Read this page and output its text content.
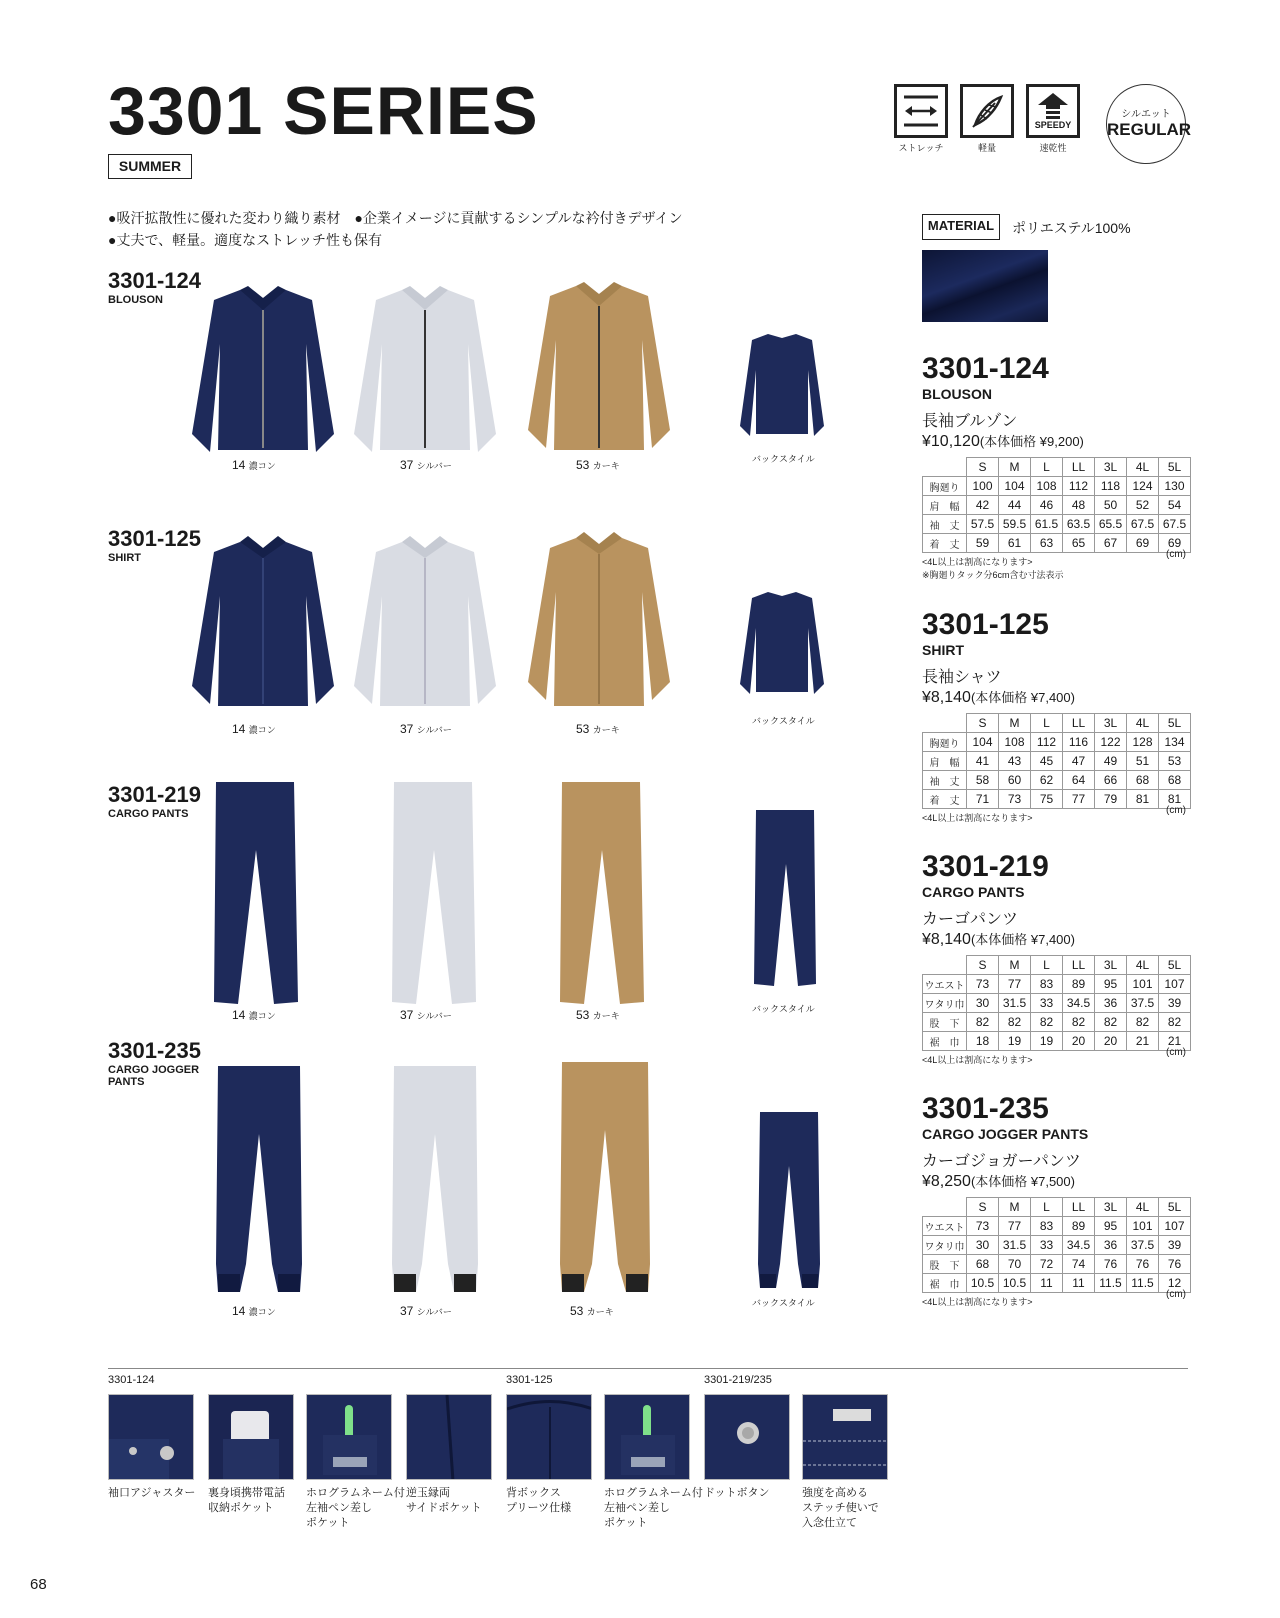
3301 SERIES
SUMMER
ストレッチ	軽量
SPEEDY
速乾性
シルエット
REGULAR
●吸汗拡散性に優れた変わり織り素材　●企業イメージに貢献するシンプルな衿付きデザイン
●丈夫で、軽量。適度なストレッチ性も保有
MATERIAL	ポリエステル100%
3301-124
BLOUSON
3301-125
SHIRT
3301-219
CARGO PANTS
3301-235
CARGO JOGGER
PANTS
14 濃コン	37 シルバー	53 カーキ
バックスタイル
14 濃コン	37 シルバー	53 カーキ
バックスタイル
14 濃コン	37 シルバー	53 カーキ
バックスタイル
14 濃コン	37 シルバー	53 カーキ
バックスタイル
3301-124
BLOUSON
長袖ブルゾン
¥10,120(本体価格 ¥9,200)
	S	M	L	LL	3L	4L	5L
胸廻り	100	104	108	112	118	124	130
肩　幅	42	44	46	48	50	52	54
袖　丈	57.5	59.5	61.5	63.5	65.5	67.5	67.5
着　丈	59	61	63	65	67	69	69
<4L以上は割高になります>
※胸廻りタック分6cm含む寸法表示
(cm)
3301-125
SHIRT
長袖シャツ
¥8,140(本体価格 ¥7,400)
	S	M	L	LL	3L	4L	5L
胸廻り	104	108	112	116	122	128	134
肩　幅	41	43	45	47	49	51	53
袖　丈	58	60	62	64	66	68	68
着　丈	71	73	75	77	79	81	81
<4L以上は割高になります>
(cm)
3301-219
CARGO PANTS
カーゴパンツ
¥8,140(本体価格 ¥7,400)
	S	M	L	LL	3L	4L	5L
ウエスト	73	77	83	89	95	101	107
ワタリ巾	30	31.5	33	34.5	36	37.5	39
股　下	82	82	82	82	82	82	82
裾　巾	18	19	19	20	20	21	21
<4L以上は割高になります>
(cm)
3301-235
CARGO JOGGER PANTS
カーゴジョガーパンツ
¥8,250(本体価格 ¥7,500)
	S	M	L	LL	3L	4L	5L
ウエスト	73	77	83	89	95	101	107
ワタリ巾	30	31.5	33	34.5	36	37.5	39
股　下	68	70	72	74	76	76	76
裾　巾	10.5	10.5	11	11	11.5	11.5	12
<4L以上は割高になります>
(cm)
3301-124	3301-125	3301-219/235
袖口アジャスター	裏身頃携帯電話
収納ポケット
ホログラムネーム付
左袖ペン差し
ポケット
逆玉縁両
サイドポケット
背ボックス
プリーツ仕様
ホログラムネーム付
左袖ペン差し
ポケット
ドットボタン	強度を高める
ステッチ使いで
入念仕立て
68
